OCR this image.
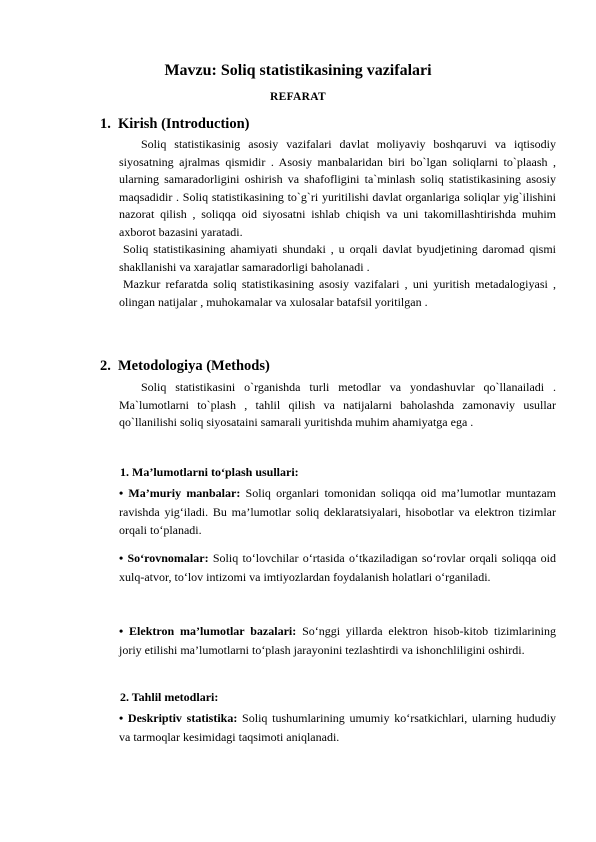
Mavzu: Soliq statistikasining vazifalari
REFARAT
1. Kirish (Introduction)

Soliq statistikasinig asosiy vazifalari davlat moliyaviy boshqaruvi va iqtisodiy siyosatning ajralmas qismidir . Asosiy manbalaridan biri bo`lgan soliqlarni to`plaash , ularning samaradorligini oshirish va shafofligini ta`minlash soliq statistikasining asosiy maqsadidir . Soliq statistikasining to`g`ri yuritilishi davlat organlariga soliqlar yig`ilishini nazorat qilish , soliqqa oid siyosatni ishlab chiqish va uni takomillashtirishda muhim axborot bazasini yaratadi.

Soliq statistikasining ahamiyati shundaki , u orqali davlat byudjetining daromad qismi shakllanishi va xarajatlar samaradorligi baholanadi .

Mazkur refaratda soliq statistikasining asosiy vazifalari , uni yuritish metadalogiyasi , olingan natijalar , muhokamalar va xulosalar batafsil yoritilgan .

2. Metodologiya (Methods)

Soliq statistikasini o`rganishda turli metodlar va yondashuvlar qo`llanailadi . Ma`lumotlarni to`plash , tahlil qilish va natijalarni baholashda zamonaviy usullar qo`llanilishi soliq siyosataini samarali yuritishda muhim ahamiyatga ega .

1. Ma’lumotlarni to‘plash usullari:
• Ma’muriy manbalar: Soliq organlari tomonidan soliqqa oid ma’lumotlar muntazam ravishda yig‘iladi. Bu ma’lumotlar soliq deklaratsiyalari, hisobotlar va elektron tizimlar orqali to‘planadi.
• So‘rovnomalar: Soliq to‘lovchilar o‘rtasida o‘tkaziladigan so‘rovlar orqali soliqqa oid xulq-atvor, to‘lov intizomi va imtiyozlardan foydalanish holatlari o‘rganiladi.
• Elektron ma’lumotlar bazalari: So‘nggi yillarda elektron hisob-kitob tizimlarining joriy etilishi ma’lumotlarni to‘plash jarayonini tezlashtirdi va ishonchliligini oshirdi.
2. Tahlil metodlari:
• Deskriptiv statistika: Soliq tushumlarining umumiy ko‘rsatkichlari, ularning hududiy va tarmoqlar kesimidagi taqsimoti aniqlanadi.
